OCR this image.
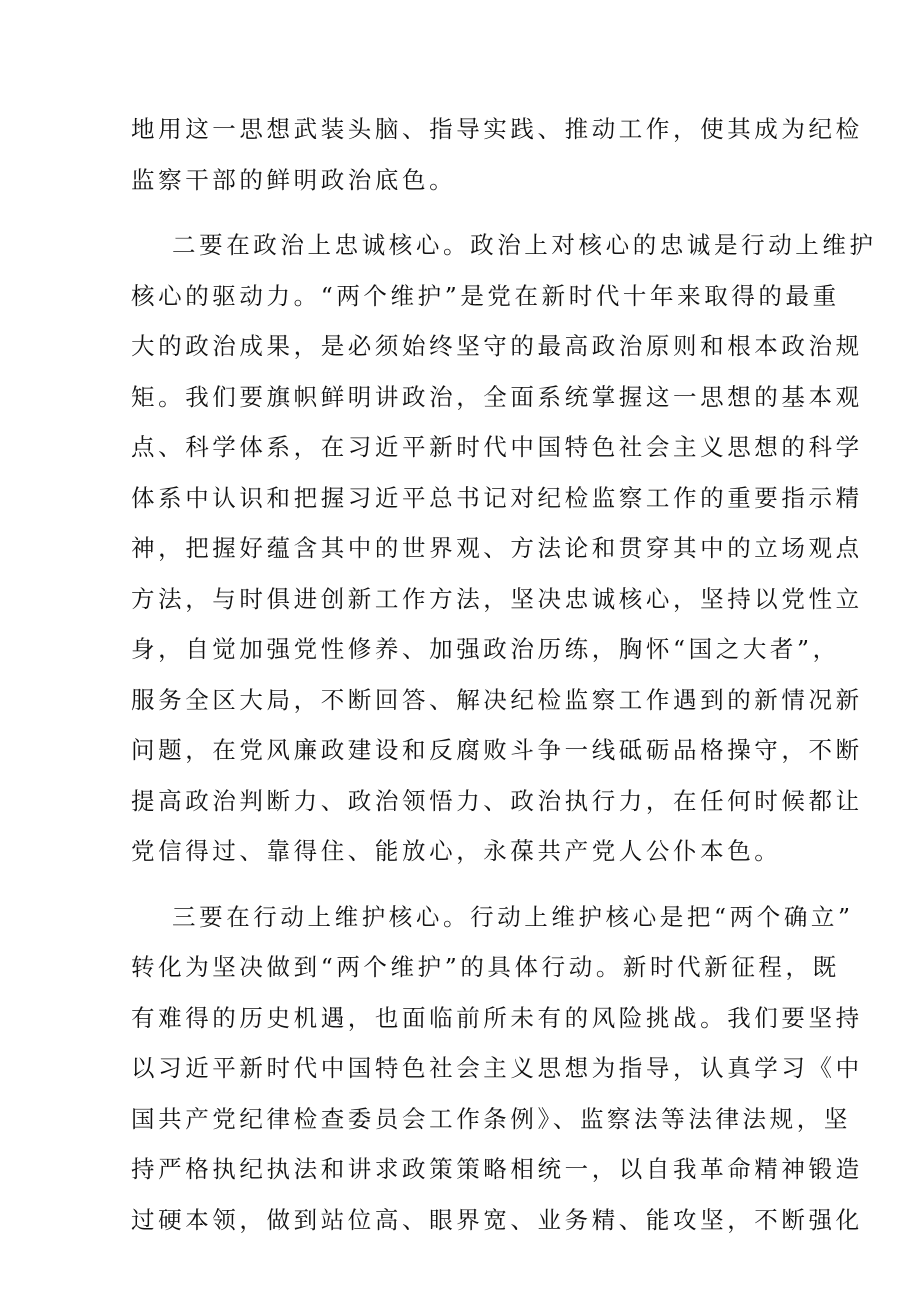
地用这一思想武装头脑、指导实践、推动工作，使其成为纪检
监察干部的鲜明政治底色。
二要在政治上忠诚核心。政治上对核心的忠诚是行动上维护
核心的驱动力。“两个维护”是党在新时代十年来取得的最重
大的政治成果，是必须始终坚守的最高政治原则和根本政治规
矩。我们要旗帜鲜明讲政治，全面系统掌握这一思想的基本观
点、科学体系，在习近平新时代中国特色社会主义思想的科学
体系中认识和把握习近平总书记对纪检监察工作的重要指示精
神，把握好蕴含其中的世界观、方法论和贯穿其中的立场观点
方法，与时俱进创新工作方法，坚决忠诚核心，坚持以党性立
身，自觉加强党性修养、加强政治历练，胸怀“国之大者”，
服务全区大局，不断回答、解决纪检监察工作遇到的新情况新
问题，在党风廉政建设和反腐败斗争一线砥砺品格操守，不断
提高政治判断力、政治领悟力、政治执行力，在任何时候都让
党信得过、靠得住、能放心，永葆共产党人公仆本色。
三要在行动上维护核心。行动上维护核心是把“两个确立”
转化为坚决做到“两个维护”的具体行动。新时代新征程，既
有难得的历史机遇，也面临前所未有的风险挑战。我们要坚持
以习近平新时代中国特色社会主义思想为指导，认真学习《中
国共产党纪律检查委员会工作条例》、监察法等法律法规，坚
持严格执纪执法和讲求政策策略相统一，以自我革命精神锻造
过硬本领，做到站位高、眼界宽、业务精、能攻坚，不断强化
